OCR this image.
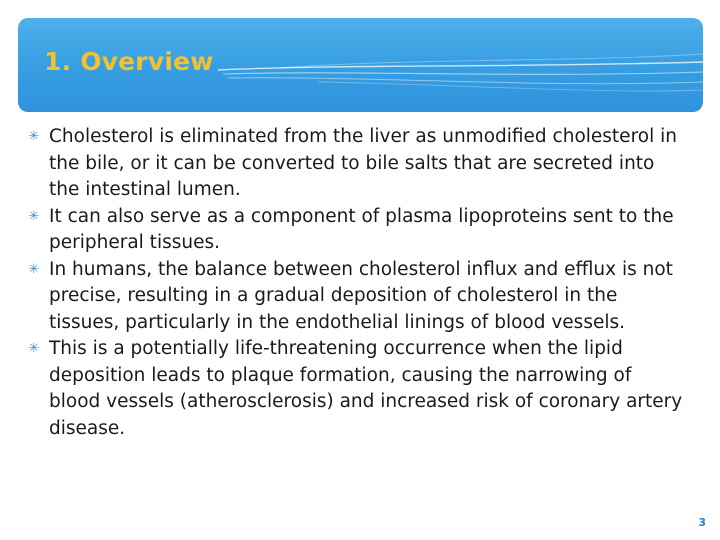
1. Overview
✳ Cholesterol is eliminated from the liver as unmodified cholesterol in the bile, or it can be converted to bile salts that are secreted into the intestinal lumen.
✳ It can also serve as a component of plasma lipoproteins sent to the peripheral tissues.
✳ In humans, the balance between cholesterol influx and efflux is not precise, resulting in a gradual deposition of cholesterol in the tissues, particularly in the endothelial linings of blood vessels.
✳ This is a potentially life-threatening occurrence when the lipid deposition leads to plaque formation, causing the narrowing of blood vessels (atherosclerosis) and increased risk of coronary artery disease.
3
